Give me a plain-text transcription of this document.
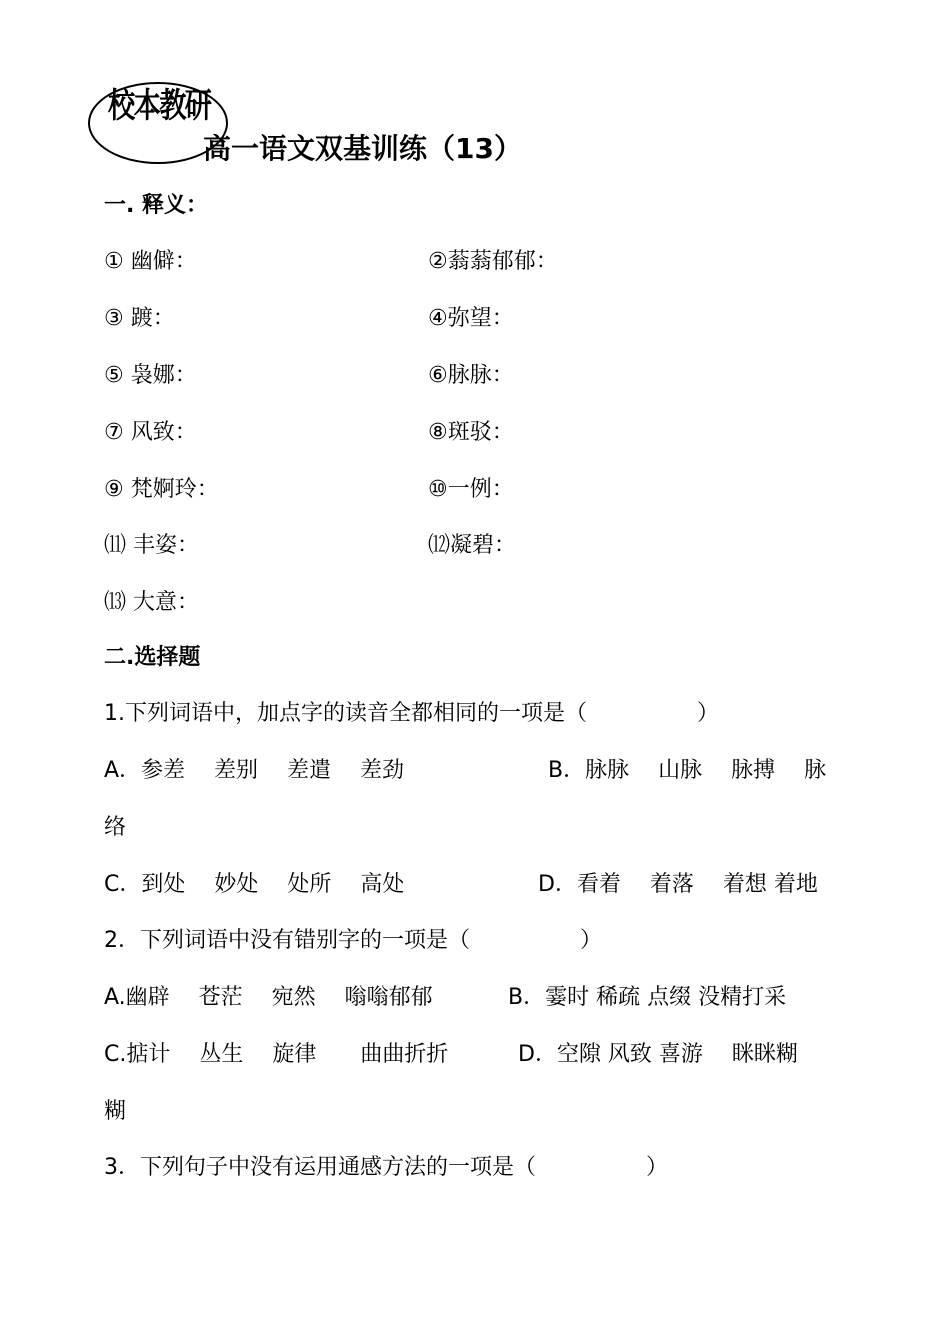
校本教研
高一语文双基训练（13）
一. 释义：
① 幽僻：	②蓊蓊郁郁：
③ 踱：	④弥望：
⑤ 袅娜：	⑥脉脉：
⑦ 风致：	⑧斑驳：
⑨ 梵婀玲：	⑩一例：
⑾ 丰姿：	⑿凝碧：
⒀ 大意：
二.选择题
1.下列词语中，加点字的读音全都相同的一项是（　　　　　）
A．参差　 差别　 差遣　 差劲	B．脉脉　 山脉　 脉搏　 脉
络
C．到处　 妙处　 处所　 高处	D．看着　 着落　 着想 着地
2．下列词语中没有错别字的一项是（　　　　　）
A.幽辟　 苍茫　 宛然　 嗡嗡郁郁	B．霎时 稀疏 点缀 没精打采
C.掂计　 丛生　 旋律　　曲曲折折	D．空隙 风致 喜游　 眯眯糊
糊
3．下列句子中没有运用通感方法的一项是（　　　　　）
